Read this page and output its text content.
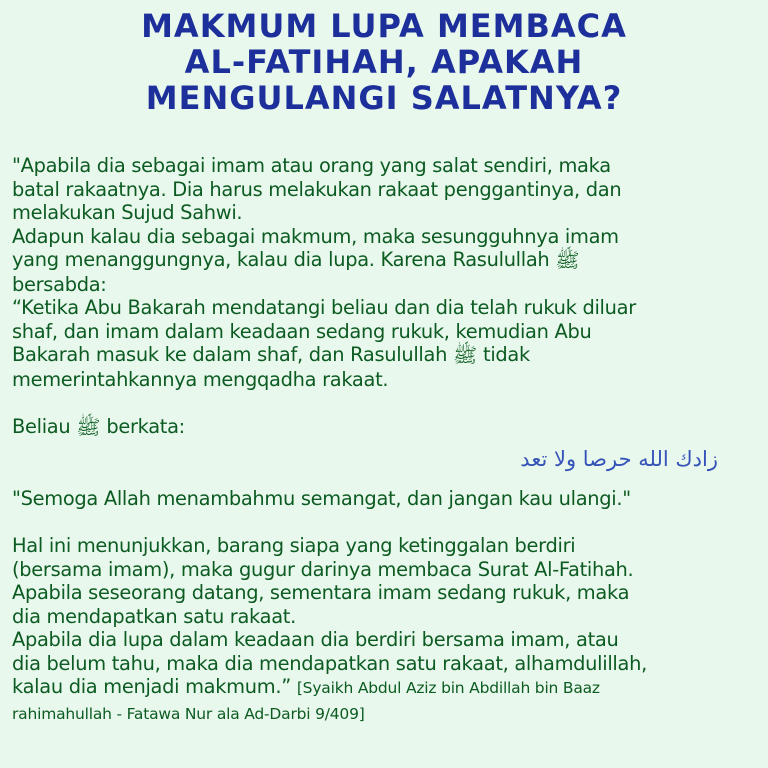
MAKMUM LUPA MEMBACA
AL-FATIHAH, APAKAH
MENGULANGI SALATNYA?
"Apabila dia sebagai imam atau orang yang salat sendiri, maka
batal rakaatnya. Dia harus melakukan rakaat penggantinya, dan
melakukan Sujud Sahwi.
Adapun kalau dia sebagai makmum, maka sesungguhnya imam
yang menanggungnya, kalau dia lupa. Karena Rasulullah ﷺ
bersabda:
“Ketika Abu Bakarah mendatangi beliau dan dia telah rukuk diluar
shaf, dan imam dalam keadaan sedang rukuk, kemudian Abu
Bakarah masuk ke dalam shaf, dan Rasulullah ﷺ tidak
memerintahkannya mengqadha rakaat.
Beliau ﷺ berkata:
زادك الله حرصا ولا تعد
"Semoga Allah menambahmu semangat, dan jangan kau ulangi."
Hal ini menunjukkan, barang siapa yang ketinggalan berdiri
(bersama imam), maka gugur darinya membaca Surat Al-Fatihah.
Apabila seseorang datang, sementara imam sedang rukuk, maka
dia mendapatkan satu rakaat.
Apabila dia lupa dalam keadaan dia berdiri bersama imam, atau
dia belum tahu, maka dia mendapatkan satu rakaat, alhamdulillah,
kalau dia menjadi makmum.” [Syaikh Abdul Aziz bin Abdillah bin Baaz
rahimahullah - Fatawa Nur ala Ad-Darbi 9/409]
